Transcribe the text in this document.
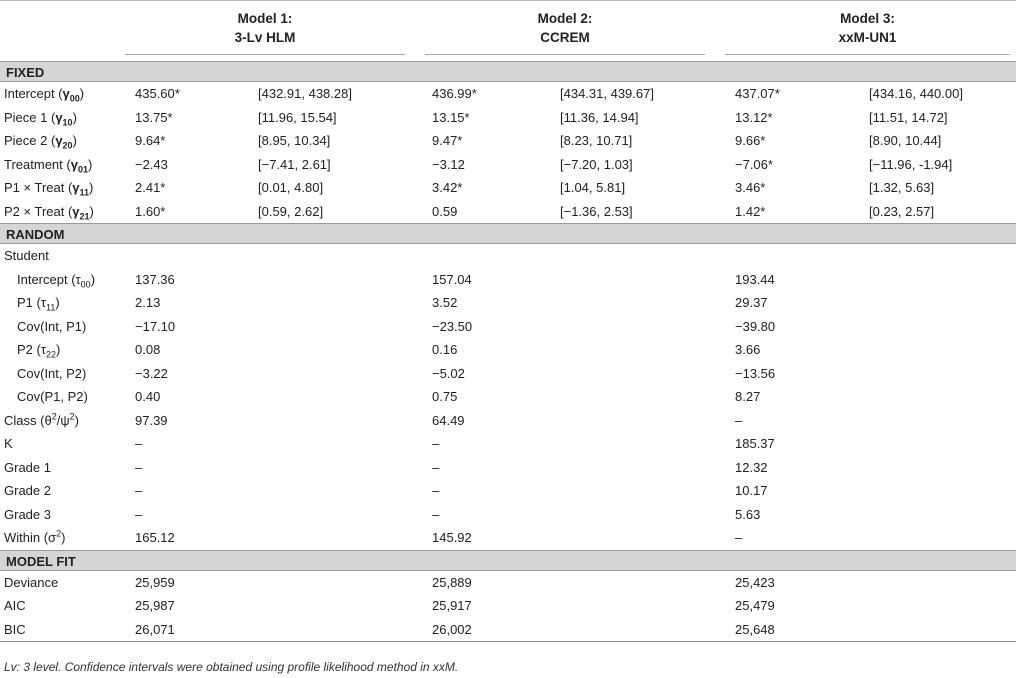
Model 1:
3-Lv HLM
Model 2:
CCREM
Model 3:
xxM-UN1
FIXED
Intercept $(\gamma_{00})$	435.60*	[432.91, 438.28]	436.99*	[434.31, 439.67]	437.07*	[434.16, 440.00]
Piece 1 $(\gamma_{10})$	13.75*	[11.96, 15.54]	13.15*	[11.36, 14.94]	13.12*	[11.51, 14.72]
Piece 2 $(\gamma_{20})$	9.64*	[8.95, 10.34]	9.47*	[8.23, 10.71]	9.66*	[8.90, 10.44]
Treatment $(\gamma_{01})$	−2.43	[−7.41, 2.61]	−3.12	[−7.20, 1.03]	−7.06*	[−11.96, -1.94]
P1 × Treat $(\gamma_{11})$	2.41*	[0.01, 4.80]	3.42*	[1.04, 5.81]	3.46*	[1.32, 5.63]
P2 × Treat $(\gamma_{21})$	1.60*	[0.59, 2.62]	0.59	[−1.36, 2.53]	1.42*	[0.23, 2.57]
RANDOM
Student
Intercept $(\tau_{00})$	137.36	157.04	193.44
P1 $(\tau_{11})$	2.13	3.52	29.37
Cov(Int, P1)	−17.10	−23.50	−39.80
P2 $(\tau_{22})$	0.08	0.16	3.66
Cov(Int, P2)	−3.22	−5.02	−13.56
Cov(P1, P2)	0.40	0.75	8.27
Class $(\theta^2/\psi^2)$	97.39	64.49	–
K	–	–	185.37
Grade 1	–	–	12.32
Grade 2	–	–	10.17
Grade 3	–	–	5.63
Within $(\sigma^2)$	165.12	145.92	–
MODEL FIT
Deviance	25,959	25,889	25,423
AIC	25,987	25,917	25,479
BIC	26,071	26,002	25,648
Lv: 3 level. Confidence intervals were obtained using profile likelihood method in xxM.
